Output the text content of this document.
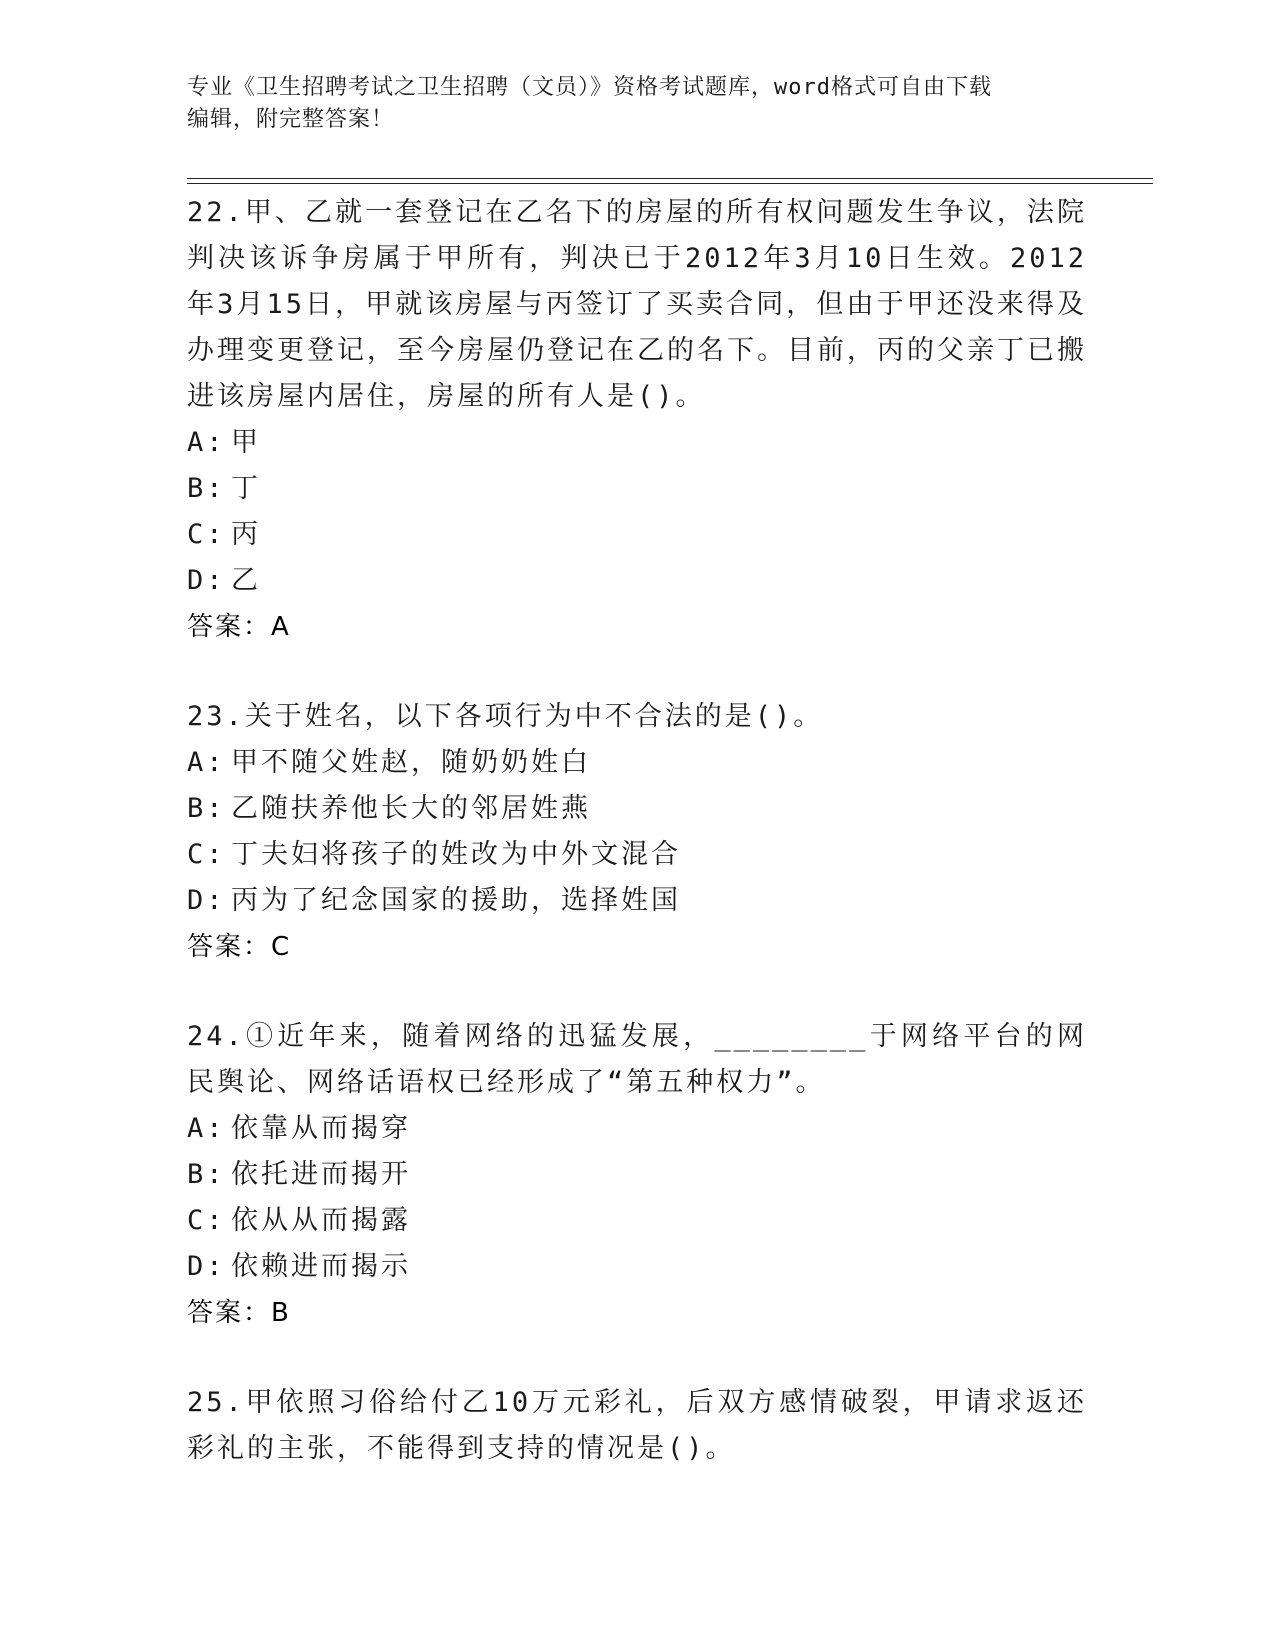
专业《卫生招聘考试之卫生招聘（文员）》资格考试题库，word格式可自由下载
编辑，附完整答案！

22.甲、乙就一套登记在乙名下的房屋的所有权问题发生争议，法院判决该诉争房属于甲所有，判决已于2012年3月10日生效。2012年3月15日，甲就该房屋与丙签订了买卖合同，但由于甲还没来得及办理变更登记，至今房屋仍登记在乙的名下。目前，丙的父亲丁已搬进该房屋内居住，房屋的所有人是()。

A: 甲

B: 丁

C: 丙

D: 乙

答案：A

23.关于姓名，以下各项行为中不合法的是()。

A: 甲不随父姓赵，随奶奶姓白

B: 乙随扶养他长大的邻居姓燕

C: 丁夫妇将孩子的姓改为中外文混合

D: 丙为了纪念国家的援助，选择姓国

答案：C

24.①近年来，随着网络的迅猛发展，________于网络平台的网民舆论、网络话语权已经形成了“第五种权力”。

A: 依靠从而揭穿

B: 依托进而揭开

C: 依从从而揭露

D: 依赖进而揭示

答案：B

25.甲依照习俗给付乙10万元彩礼，后双方感情破裂，甲请求返还彩礼的主张，不能得到支持的情况是()。
